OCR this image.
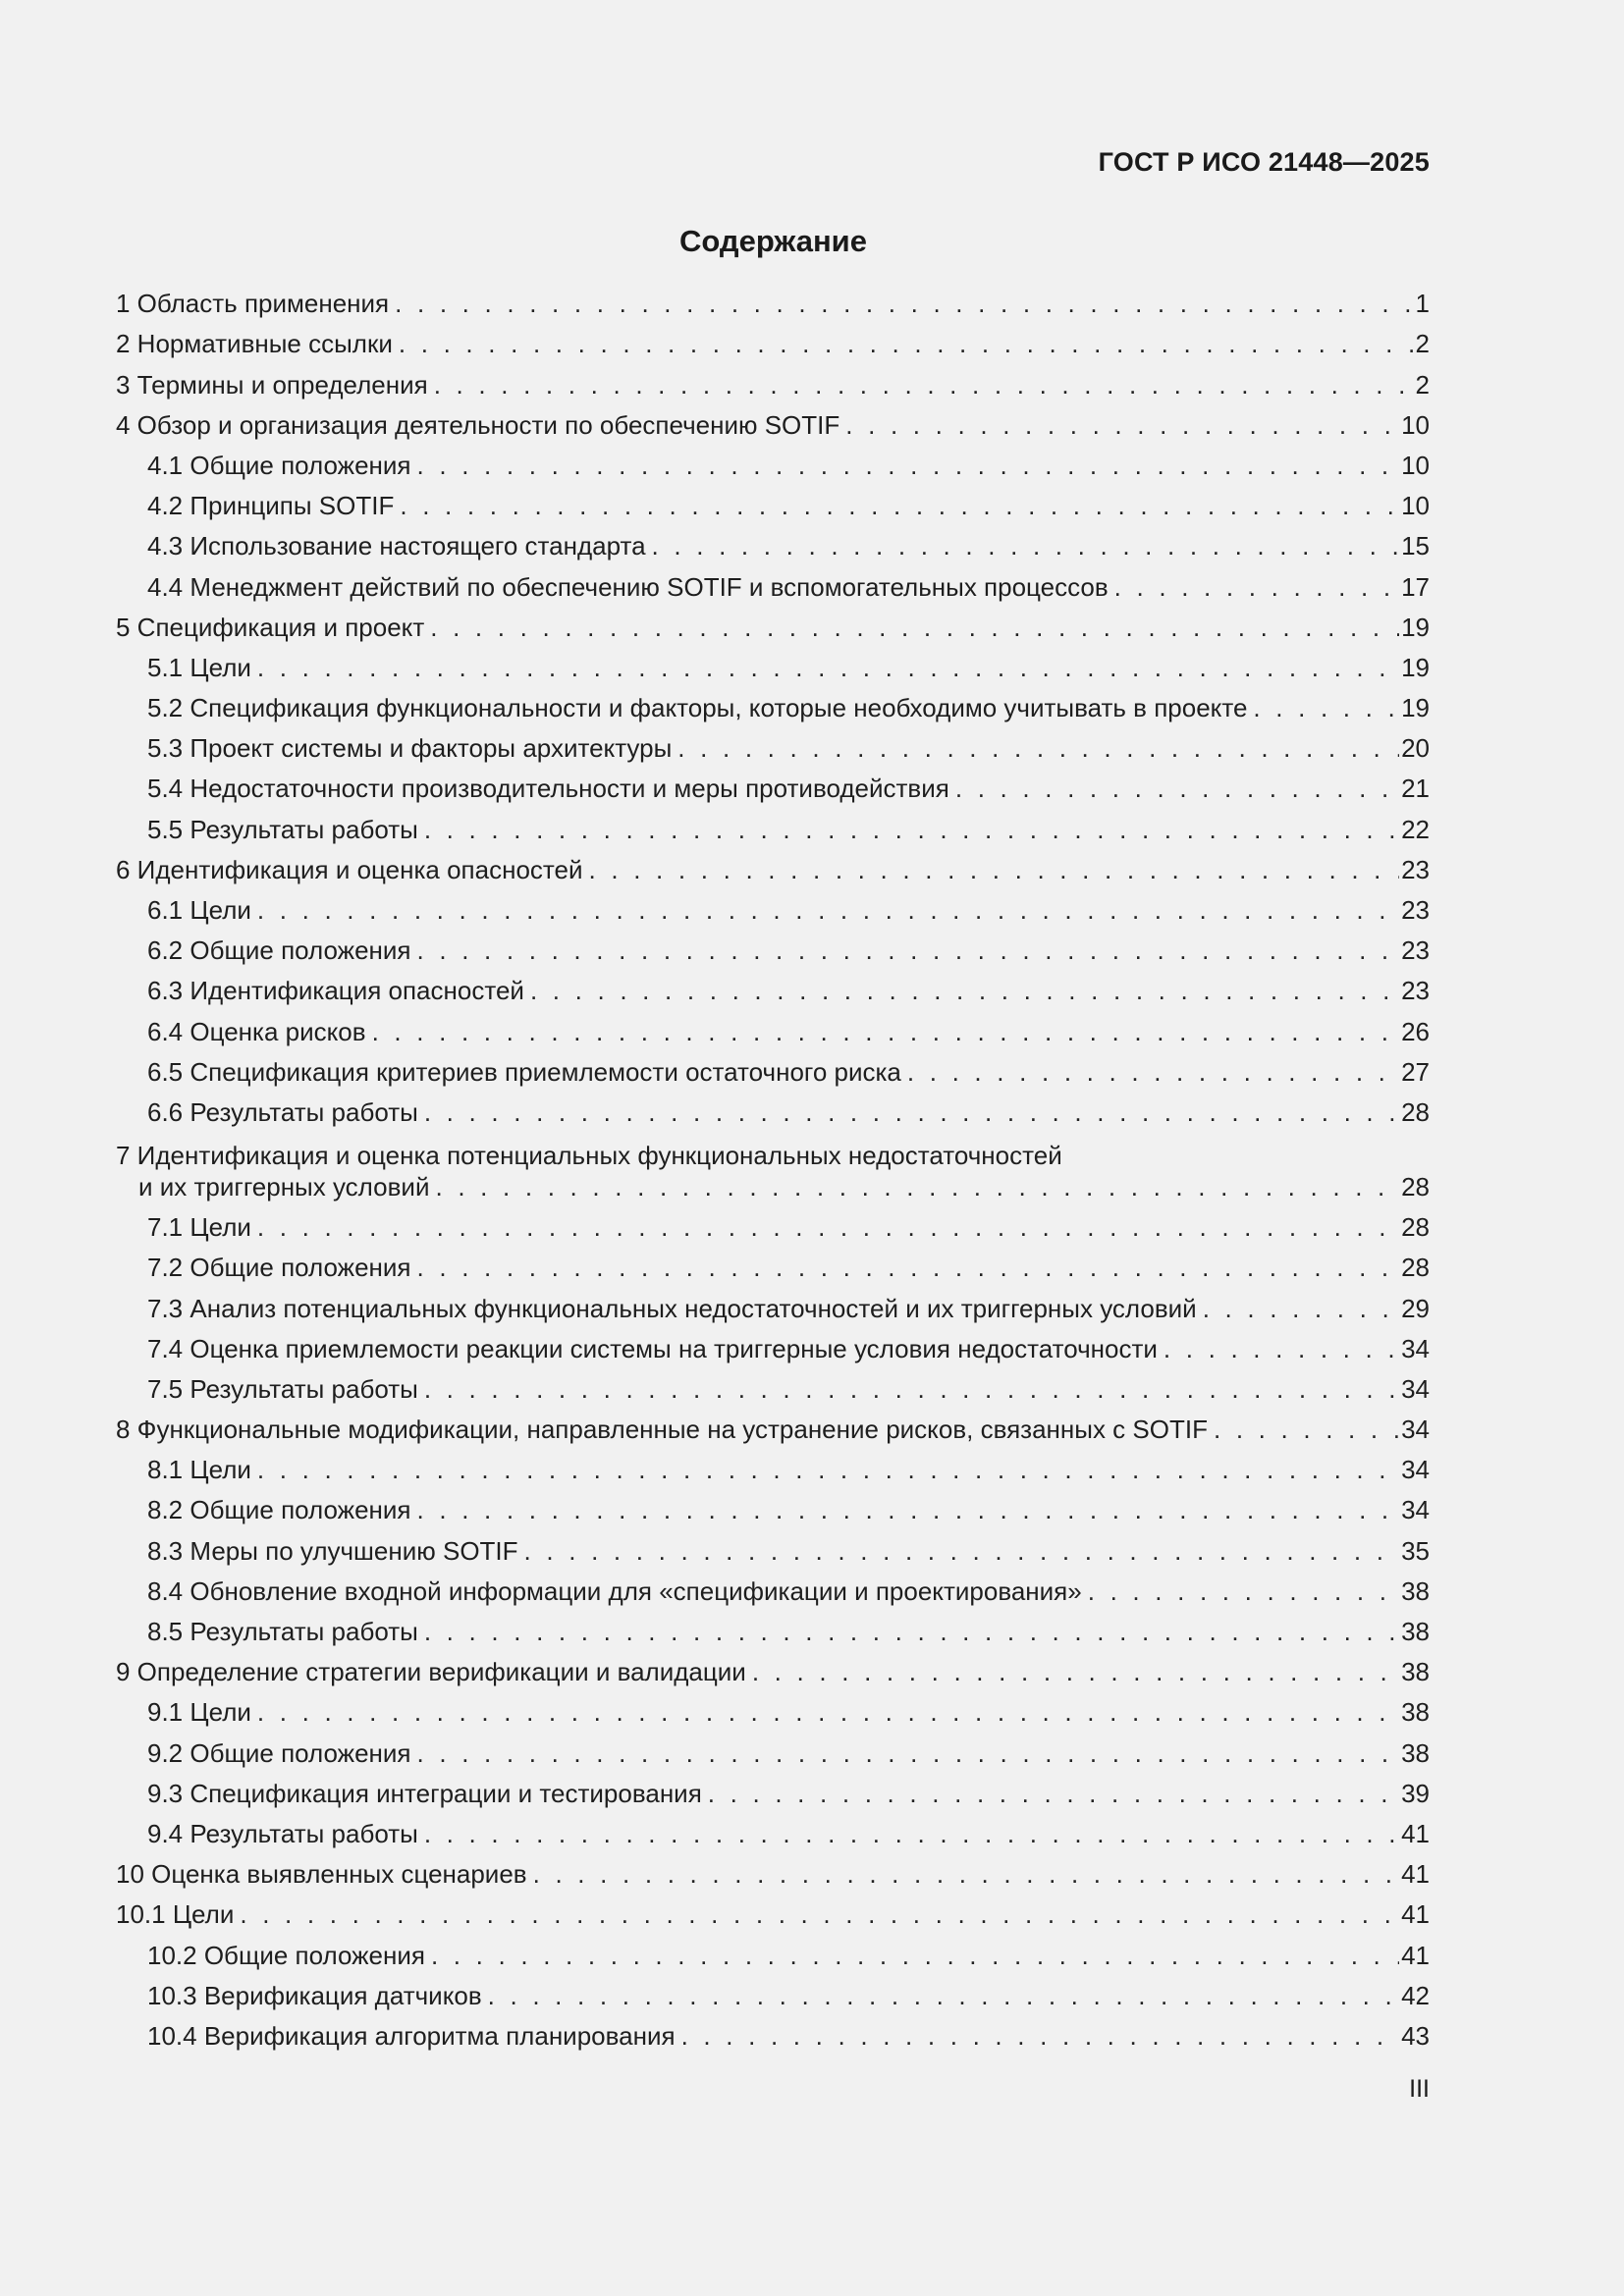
ГОСТ Р ИСО 21448—2025
Содержание
1 Область применения . . .	1
2 Нормативные ссылки . . .	2
3 Термины и определения . . .	2
4 Обзор и организация деятельности по обеспечению SOTIF . . .	10
4.1 Общие положения . . .	10
4.2 Принципы SOTIF . . .	10
4.3 Использование настоящего стандарта . . .	15
4.4 Менеджмент действий по обеспечению SOTIF и вспомогательных процессов . . .	17
5 Спецификация и проект . . .	19
5.1 Цели . . .	19
5.2 Спецификация функциональности и факторы, которые необходимо учитывать в проекте . . .	19
5.3 Проект системы и факторы архитектуры . . .	20
5.4 Недостаточности производительности и меры противодействия . . .	21
5.5 Результаты работы . . .	22
6 Идентификация и оценка опасностей . . .	23
6.1 Цели . . .	23
6.2 Общие положения . . .	23
6.3 Идентификация опасностей . . .	23
6.4 Оценка рисков . . .	26
6.5 Спецификация критериев приемлемости остаточного риска . . .	27
6.6 Результаты работы . . .	28
7 Идентификация и оценка потенциальных функциональных недостаточностей
и их триггерных условий . . .	28
7.1 Цели . . .	28
7.2 Общие положения . . .	28
7.3 Анализ потенциальных функциональных недостаточностей и их триггерных условий . . .	29
7.4 Оценка приемлемости реакции системы на триггерные условия недостаточности . . .	34
7.5 Результаты работы . . .	34
8 Функциональные модификации, направленные на устранение рисков, связанных с SOTIF . . .	34
8.1 Цели . . .	34
8.2 Общие положения . . .	34
8.3 Меры по улучшению SOTIF . . .	35
8.4 Обновление входной информации для «спецификации и проектирования» . . .	38
8.5 Результаты работы . . .	38
9 Определение стратегии верификации и валидации . . .	38
9.1 Цели . . .	38
9.2 Общие положения . . .	38
9.3 Спецификация интеграции и тестирования . . .	39
9.4 Результаты работы . . .	41
10 Оценка выявленных сценариев . . .	41
10.1 Цели . . .	41
10.2 Общие положения . . .	41
10.3 Верификация датчиков . . .	42
10.4 Верификация алгоритма планирования . . .	43
III
